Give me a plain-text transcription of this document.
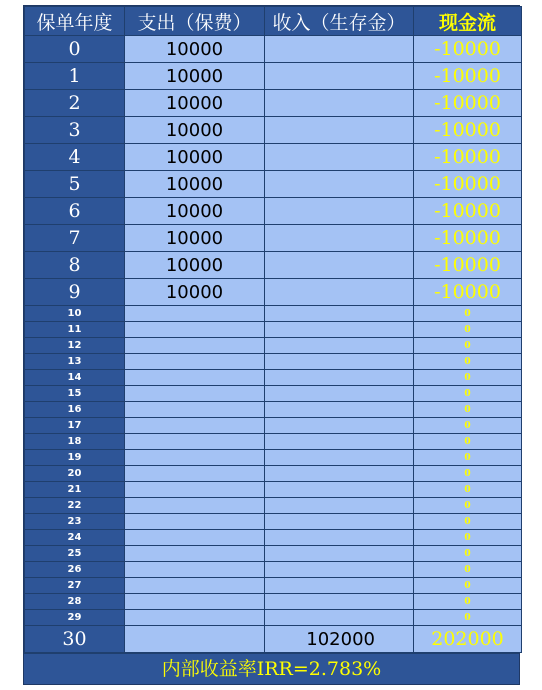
保单年度	支出（保费）	收入（生存金）	现金流
0	10000		-10000
1	10000		-10000
2	10000		-10000
3	10000		-10000
4	10000		-10000
5	10000		-10000
6	10000		-10000
7	10000		-10000
8	10000		-10000
9	10000		-10000
10			0
11			0
12			0
13			0
14			0
15			0
16			0
17			0
18			0
19			0
20			0
21			0
22			0
23			0
24			0
25			0
26			0
27			0
28			0
29			0
30		102000	202000
内部收益率IRR=2.783%
